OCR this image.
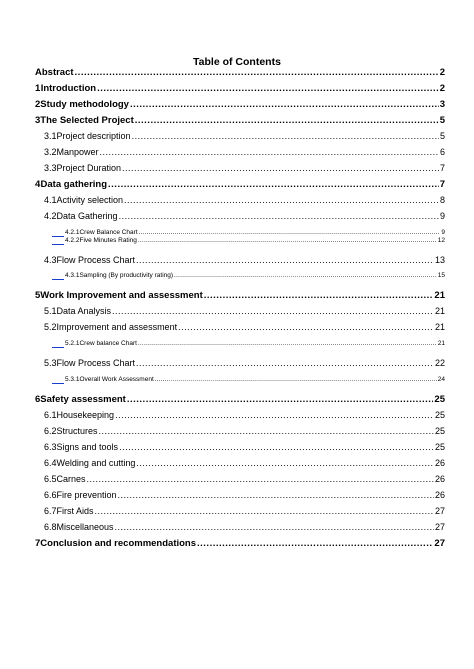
Table of Contents
Abstract .....	2
1 Introduction .....	2
2 Study methodology .....	3
3 The Selected Project .....	5
3.1 Project description .....	5
3.2 Manpower .....	6
3.3 Project Duration .....	7
4 Data gathering .....	7
4.1 Activity selection .....	8
4.2 Data Gathering .....	9
4.2.1 Crew Balance Chart .....	9
4.2.2 Five Minutes Rating .....	12
4.3 Flow Process Chart .....	13
4.3.1 Sampling (By productivity rating) .....	15
5 Work Improvement and assessment .....	21
5.1 Data Analysis .....	21
5.2 Improvement and assessment .....	21
5.2.1 Crew balance Chart .....	21
5.3 Flow Process Chart .....	22
5.3.1 Overall Work Assessment .....	24
6 Safety assessment .....	25
6.1 Housekeeping .....	25
6.2 Structures .....	25
6.3 Signs and tools .....	25
6.4 Welding and cutting .....	26
6.5 Carnes .....	26
6.6 Fire prevention .....	26
6.7 First Aids .....	27
6.8 Miscellaneous .....	27
7 Conclusion and recommendations .....	27
